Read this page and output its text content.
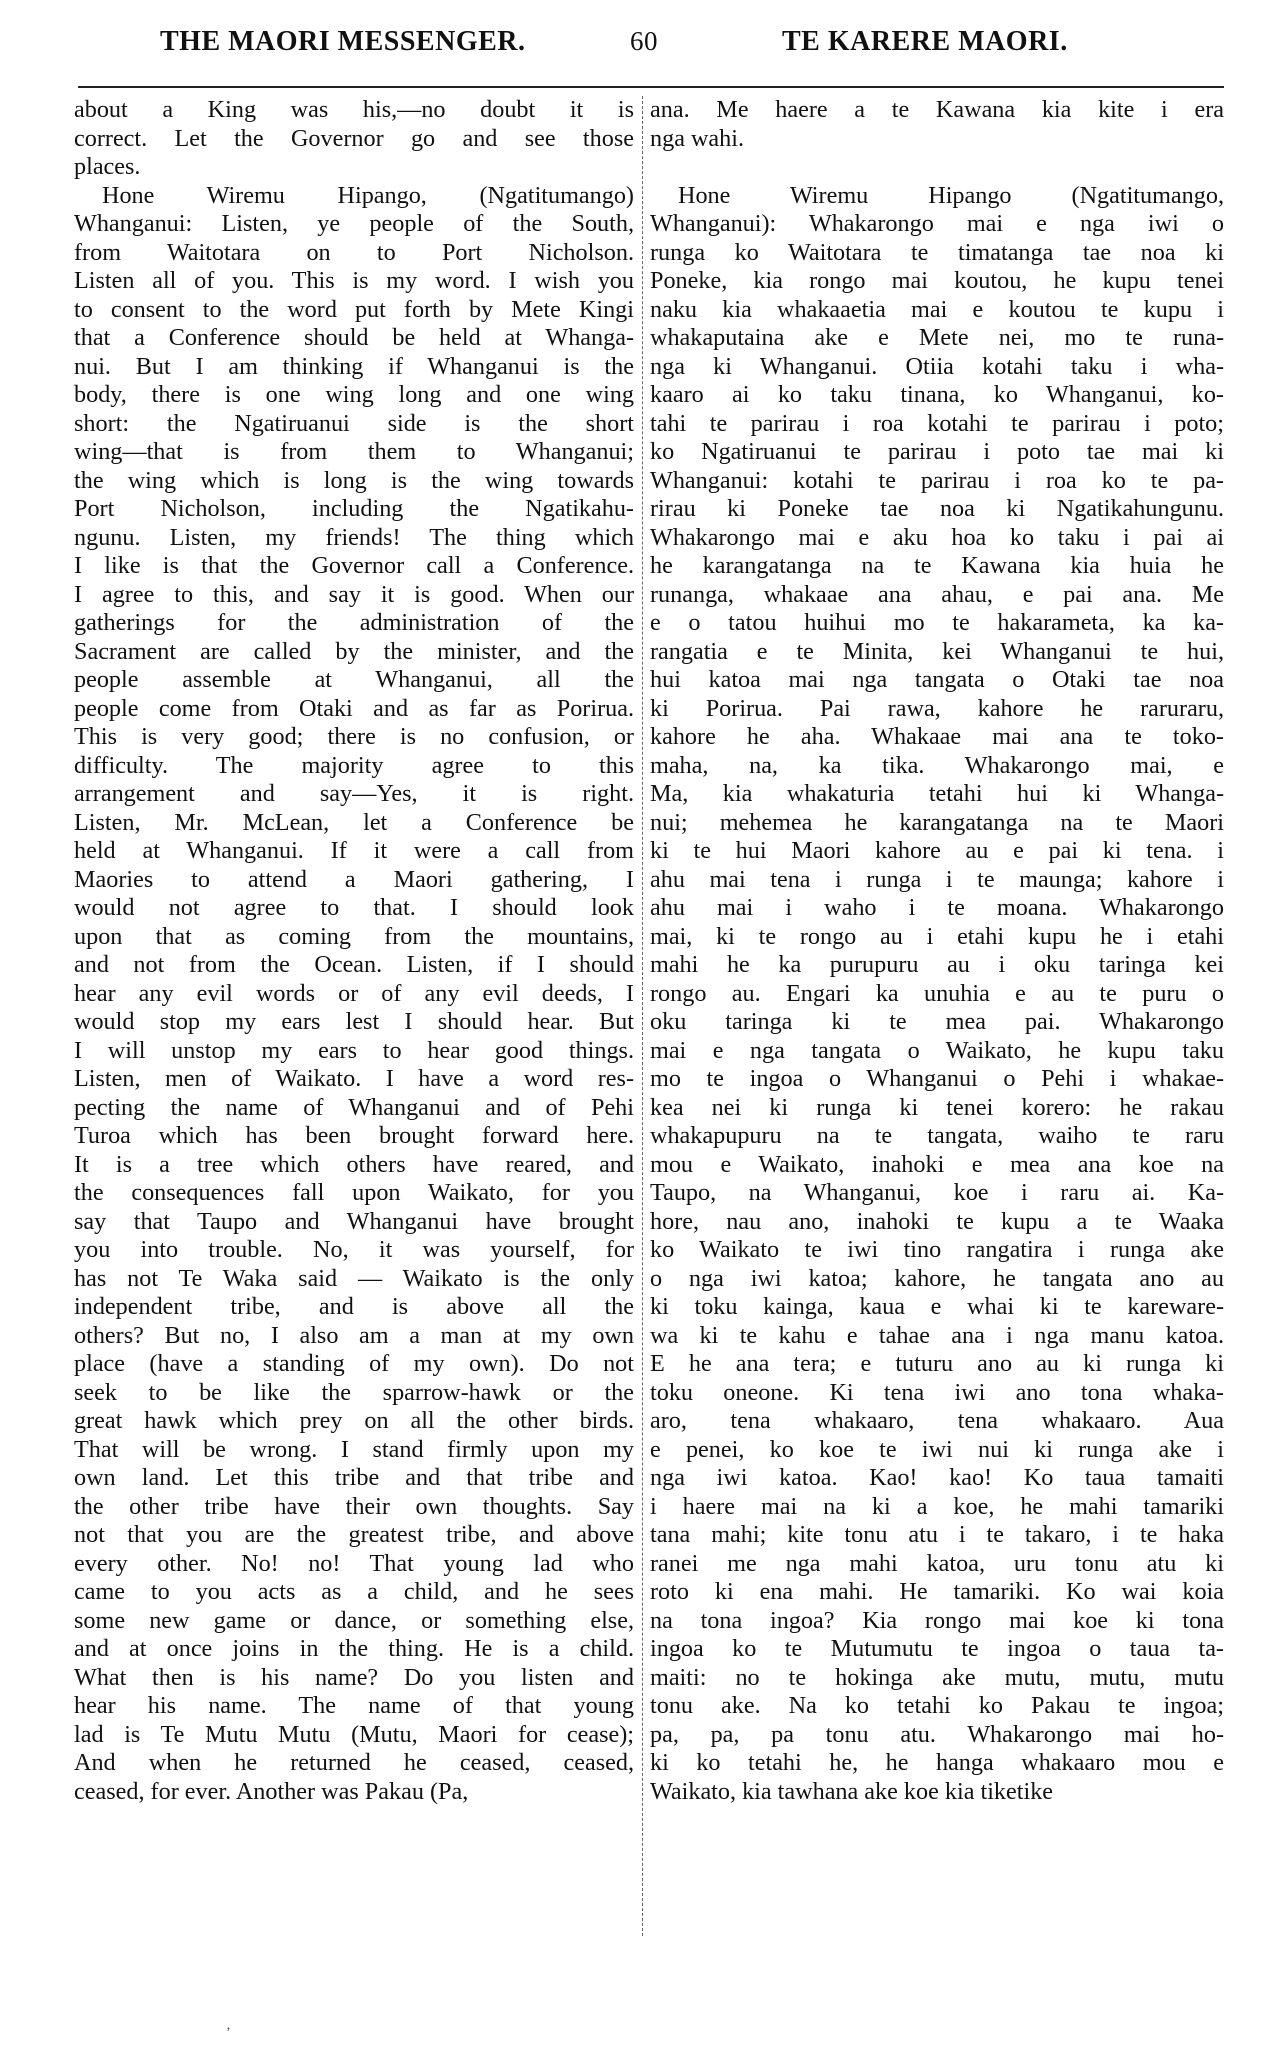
THE MAORI MESSENGER.	60	TE KARERE MAORI.
about a King was his,—no doubt it is
correct. Let the Governor go and see those
places.
Hone Wiremu Hipango, (Ngatitumango)
Whanganui: Listen, ye people of the South,
from Waitotara on to Port Nicholson.
Listen all of you. This is my word. I wish you
to consent to the word put forth by Mete Kingi
that a Conference should be held at Whanga-
nui. But I am thinking if Whanganui is the
body, there is one wing long and one wing
short: the Ngatiruanui side is the short
wing—that is from them to Whanganui;
the wing which is long is the wing towards
Port Nicholson, including the Ngatikahu-
ngunu. Listen, my friends! The thing which
I like is that the Governor call a Conference.
I agree to this, and say it is good. When our
gatherings for the administration of the
Sacrament are called by the minister, and the
people assemble at Whanganui, all the
people come from Otaki and as far as Porirua.
This is very good; there is no confusion, or
difficulty. The majority agree to this
arrangement and say—Yes, it is right.
Listen, Mr. McLean, let a Conference be
held at Whanganui. If it were a call from
Maories to attend a Maori gathering, I
would not agree to that. I should look
upon that as coming from the mountains,
and not from the Ocean. Listen, if I should
hear any evil words or of any evil deeds, I
would stop my ears lest I should hear. But
I will unstop my ears to hear good things.
Listen, men of Waikato. I have a word res-
pecting the name of Whanganui and of Pehi
Turoa which has been brought forward here.
It is a tree which others have reared, and
the consequences fall upon Waikato, for you
say that Taupo and Whanganui have brought
you into trouble. No, it was yourself, for
has not Te Waka said — Waikato is the only
independent tribe, and is above all the
others? But no, I also am a man at my own
place (have a standing of my own). Do not
seek to be like the sparrow-hawk or the
great hawk which prey on all the other birds.
That will be wrong. I stand firmly upon my
own land. Let this tribe and that tribe and
the other tribe have their own thoughts. Say
not that you are the greatest tribe, and above
every other. No! no! That young lad who
came to you acts as a child, and he sees
some new game or dance, or something else,
and at once joins in the thing. He is a child.
What then is his name? Do you listen and
hear his name. The name of that young
lad is Te Mutu Mutu (Mutu, Maori for cease);
And when he returned he ceased, ceased,
ceased, for ever. Another was Pakau (Pa,
ana. Me haere a te Kawana kia kite i era
nga wahi.
Hone Wiremu Hipango (Ngatitumango,
Whanganui): Whakarongo mai e nga iwi o
runga ko Waitotara te timatanga tae noa ki
Poneke, kia rongo mai koutou, he kupu tenei
naku kia whakaaetia mai e koutou te kupu i
whakaputaina ake e Mete nei, mo te runa-
nga ki Whanganui. Otiia kotahi taku i wha-
kaaro ai ko taku tinana, ko Whanganui, ko-
tahi te parirau i roa kotahi te parirau i poto;
ko Ngatiruanui te parirau i poto tae mai ki
Whanganui: kotahi te parirau i roa ko te pa-
rirau ki Poneke tae noa ki Ngatikahungunu.
Whakarongo mai e aku hoa ko taku i pai ai
he karangatanga na te Kawana kia huia he
runanga, whakaae ana ahau, e pai ana. Me
e o tatou huihui mo te hakarameta, ka ka-
rangatia e te Minita, kei Whanganui te hui,
hui katoa mai nga tangata o Otaki tae noa
ki Porirua. Pai rawa, kahore he raruraru,
kahore he aha. Whakaae mai ana te toko-
maha, na, ka tika. Whakarongo mai, e
Ma, kia whakaturia tetahi hui ki Whanga-
nui; mehemea he karangatanga na te Maori
ki te hui Maori kahore au e pai ki tena. i
ahu mai tena i runga i te maunga; kahore i
ahu mai i waho i te moana. Whakarongo
mai, ki te rongo au i etahi kupu he i etahi
mahi he ka purupuru au i oku taringa kei
rongo au. Engari ka unuhia e au te puru o
oku taringa ki te mea pai. Whakarongo
mai e nga tangata o Waikato, he kupu taku
mo te ingoa o Whanganui o Pehi i whakae-
kea nei ki runga ki tenei korero: he rakau
whakapupuru na te tangata, waiho te raru
mou e Waikato, inahoki e mea ana koe na
Taupo, na Whanganui, koe i raru ai. Ka-
hore, nau ano, inahoki te kupu a te Waaka
ko Waikato te iwi tino rangatira i runga ake
o nga iwi katoa; kahore, he tangata ano au
ki toku kainga, kaua e whai ki te karewarе-
wa ki te kahu e tahae ana i nga manu katoa.
E he ana tera; e tuturu ano au ki runga ki
toku oneone. Ki tena iwi ano tona whaka-
aro, tena whakaaro, tena whakaaro. Aua
e penei, ko koe te iwi nui ki runga ake i
nga iwi katoa. Kao! kao! Ko taua tamaiti
i haere mai na ki a koe, he mahi tamariki
tana mahi; kite tonu atu i te takaro, i te haka
ranei me nga mahi katoa, uru tonu atu ki
roto ki ena mahi. He tamariki. Ko wai koia
na tona ingoa? Kia rongo mai koe ki tona
ingoa ko te Mutumutu te ingoa o taua ta-
maiti: no te hokinga ake mutu, mutu, mutu
tonu ake. Na ko tetahi ko Pakau te ingoa;
pa, pa, pa tonu atu. Whakarongo mai ho-
ki ko tetahi he, he hanga whakaaro mou e
Waikato, kia tawhana ake koe kia tiketike
‚
